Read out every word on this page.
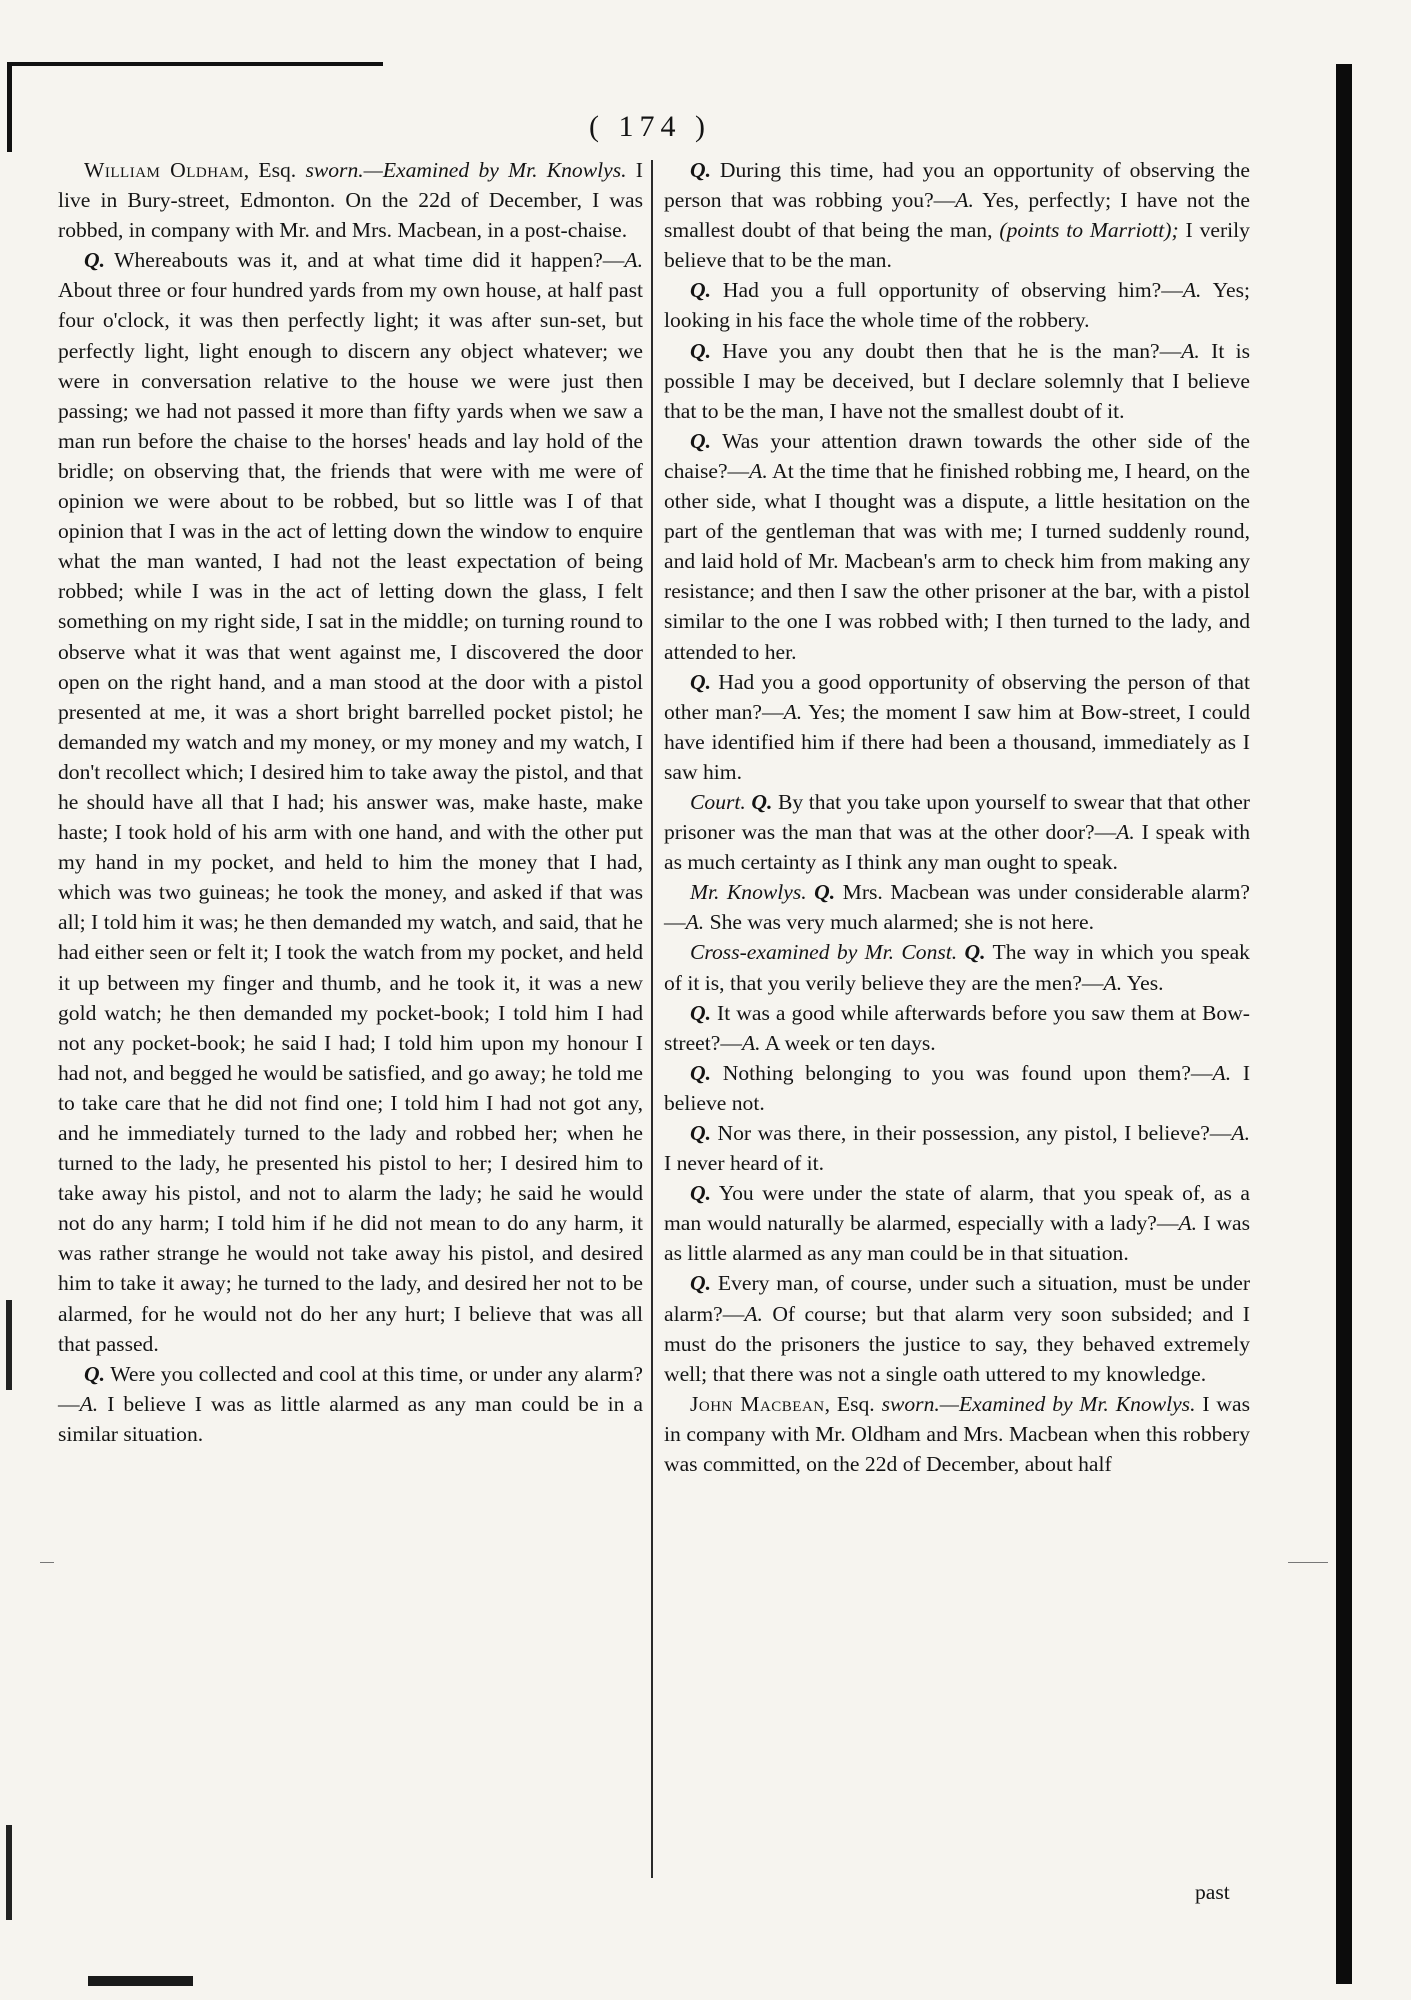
( 174 )

William Oldham, Esq. sworn.—Examined by Mr. Knowlys. I live in Bury-street, Edmonton. On the 22d of December, I was robbed, in company with Mr. and Mrs. Macbean, in a post-chaise.

Q. Whereabouts was it, and at what time did it happen?—A. About three or four hundred yards from my own house, at half past four o'clock, it was then perfectly light; it was after sun-set, but perfectly light, light enough to discern any object whatever; we were in conversation relative to the house we were just then passing; we had not passed it more than fifty yards when we saw a man run before the chaise to the horses' heads and lay hold of the bridle; on observing that, the friends that were with me were of opinion we were about to be robbed, but so little was I of that opinion that I was in the act of letting down the window to enquire what the man wanted, I had not the least expectation of being robbed; while I was in the act of letting down the glass, I felt something on my right side, I sat in the middle; on turning round to observe what it was that went against me, I discovered the door open on the right hand, and a man stood at the door with a pistol presented at me, it was a short bright barrelled pocket pistol; he demanded my watch and my money, or my money and my watch, I don't recollect which; I desired him to take away the pistol, and that he should have all that I had; his answer was, make haste, make haste; I took hold of his arm with one hand, and with the other put my hand in my pocket, and held to him the money that I had, which was two guineas; he took the money, and asked if that was all; I told him it was; he then demanded my watch, and said, that he had either seen or felt it; I took the watch from my pocket, and held it up between my finger and thumb, and he took it, it was a new gold watch; he then demanded my pocket-book; I told him I had not any pocket-book; he said I had; I told him upon my honour I had not, and begged he would be satisfied, and go away; he told me to take care that he did not find one; I told him I had not got any, and he immediately turned to the lady and robbed her; when he turned to the lady, he presented his pistol to her; I desired him to take away his pistol, and not to alarm the lady; he said he would not do any harm; I told him if he did not mean to do any harm, it was rather strange he would not take away his pistol, and desired him to take it away; he turned to the lady, and desired her not to be alarmed, for he would not do her any hurt; I believe that was all that passed.

Q. Were you collected and cool at this time, or under any alarm?—A. I believe I was as little alarmed as any man could be in a similar situation.

Q. During this time, had you an opportunity of observing the person that was robbing you?—A. Yes, perfectly; I have not the smallest doubt of that being the man, (points to Marriott); I verily believe that to be the man.

Q. Had you a full opportunity of observing him?—A. Yes; looking in his face the whole time of the robbery.

Q. Have you any doubt then that he is the man?—A. It is possible I may be deceived, but I declare solemnly that I believe that to be the man, I have not the smallest doubt of it.

Q. Was your attention drawn towards the other side of the chaise?—A. At the time that he finished robbing me, I heard, on the other side, what I thought was a dispute, a little hesitation on the part of the gentleman that was with me; I turned suddenly round, and laid hold of Mr. Macbean's arm to check him from making any resistance; and then I saw the other prisoner at the bar, with a pistol similar to the one I was robbed with; I then turned to the lady, and attended to her.

Q. Had you a good opportunity of observing the person of that other man?—A. Yes; the moment I saw him at Bow-street, I could have identified him if there had been a thousand, immediately as I saw him.

Court. Q. By that you take upon yourself to swear that that other prisoner was the man that was at the other door?—A. I speak with as much certainty as I think any man ought to speak.

Mr. Knowlys. Q. Mrs. Macbean was under considerable alarm?—A. She was very much alarmed; she is not here.

Cross-examined by Mr. Const. Q. The way in which you speak of it is, that you verily believe they are the men?—A. Yes.

Q. It was a good while afterwards before you saw them at Bow-street?—A. A week or ten days.

Q. Nothing belonging to you was found upon them?—A. I believe not.

Q. Nor was there, in their possession, any pistol, I believe?—A. I never heard of it.

Q. You were under the state of alarm, that you speak of, as a man would naturally be alarmed, especially with a lady?—A. I was as little alarmed as any man could be in that situation.

Q. Every man, of course, under such a situation, must be under alarm?—A. Of course; but that alarm very soon subsided; and I must do the prisoners the justice to say, they behaved extremely well; that there was not a single oath uttered to my knowledge.

John Macbean, Esq. sworn.—Examined by Mr. Knowlys. I was in company with Mr. Oldham and Mrs. Macbean when this robbery was committed, on the 22d of December, about half

past
